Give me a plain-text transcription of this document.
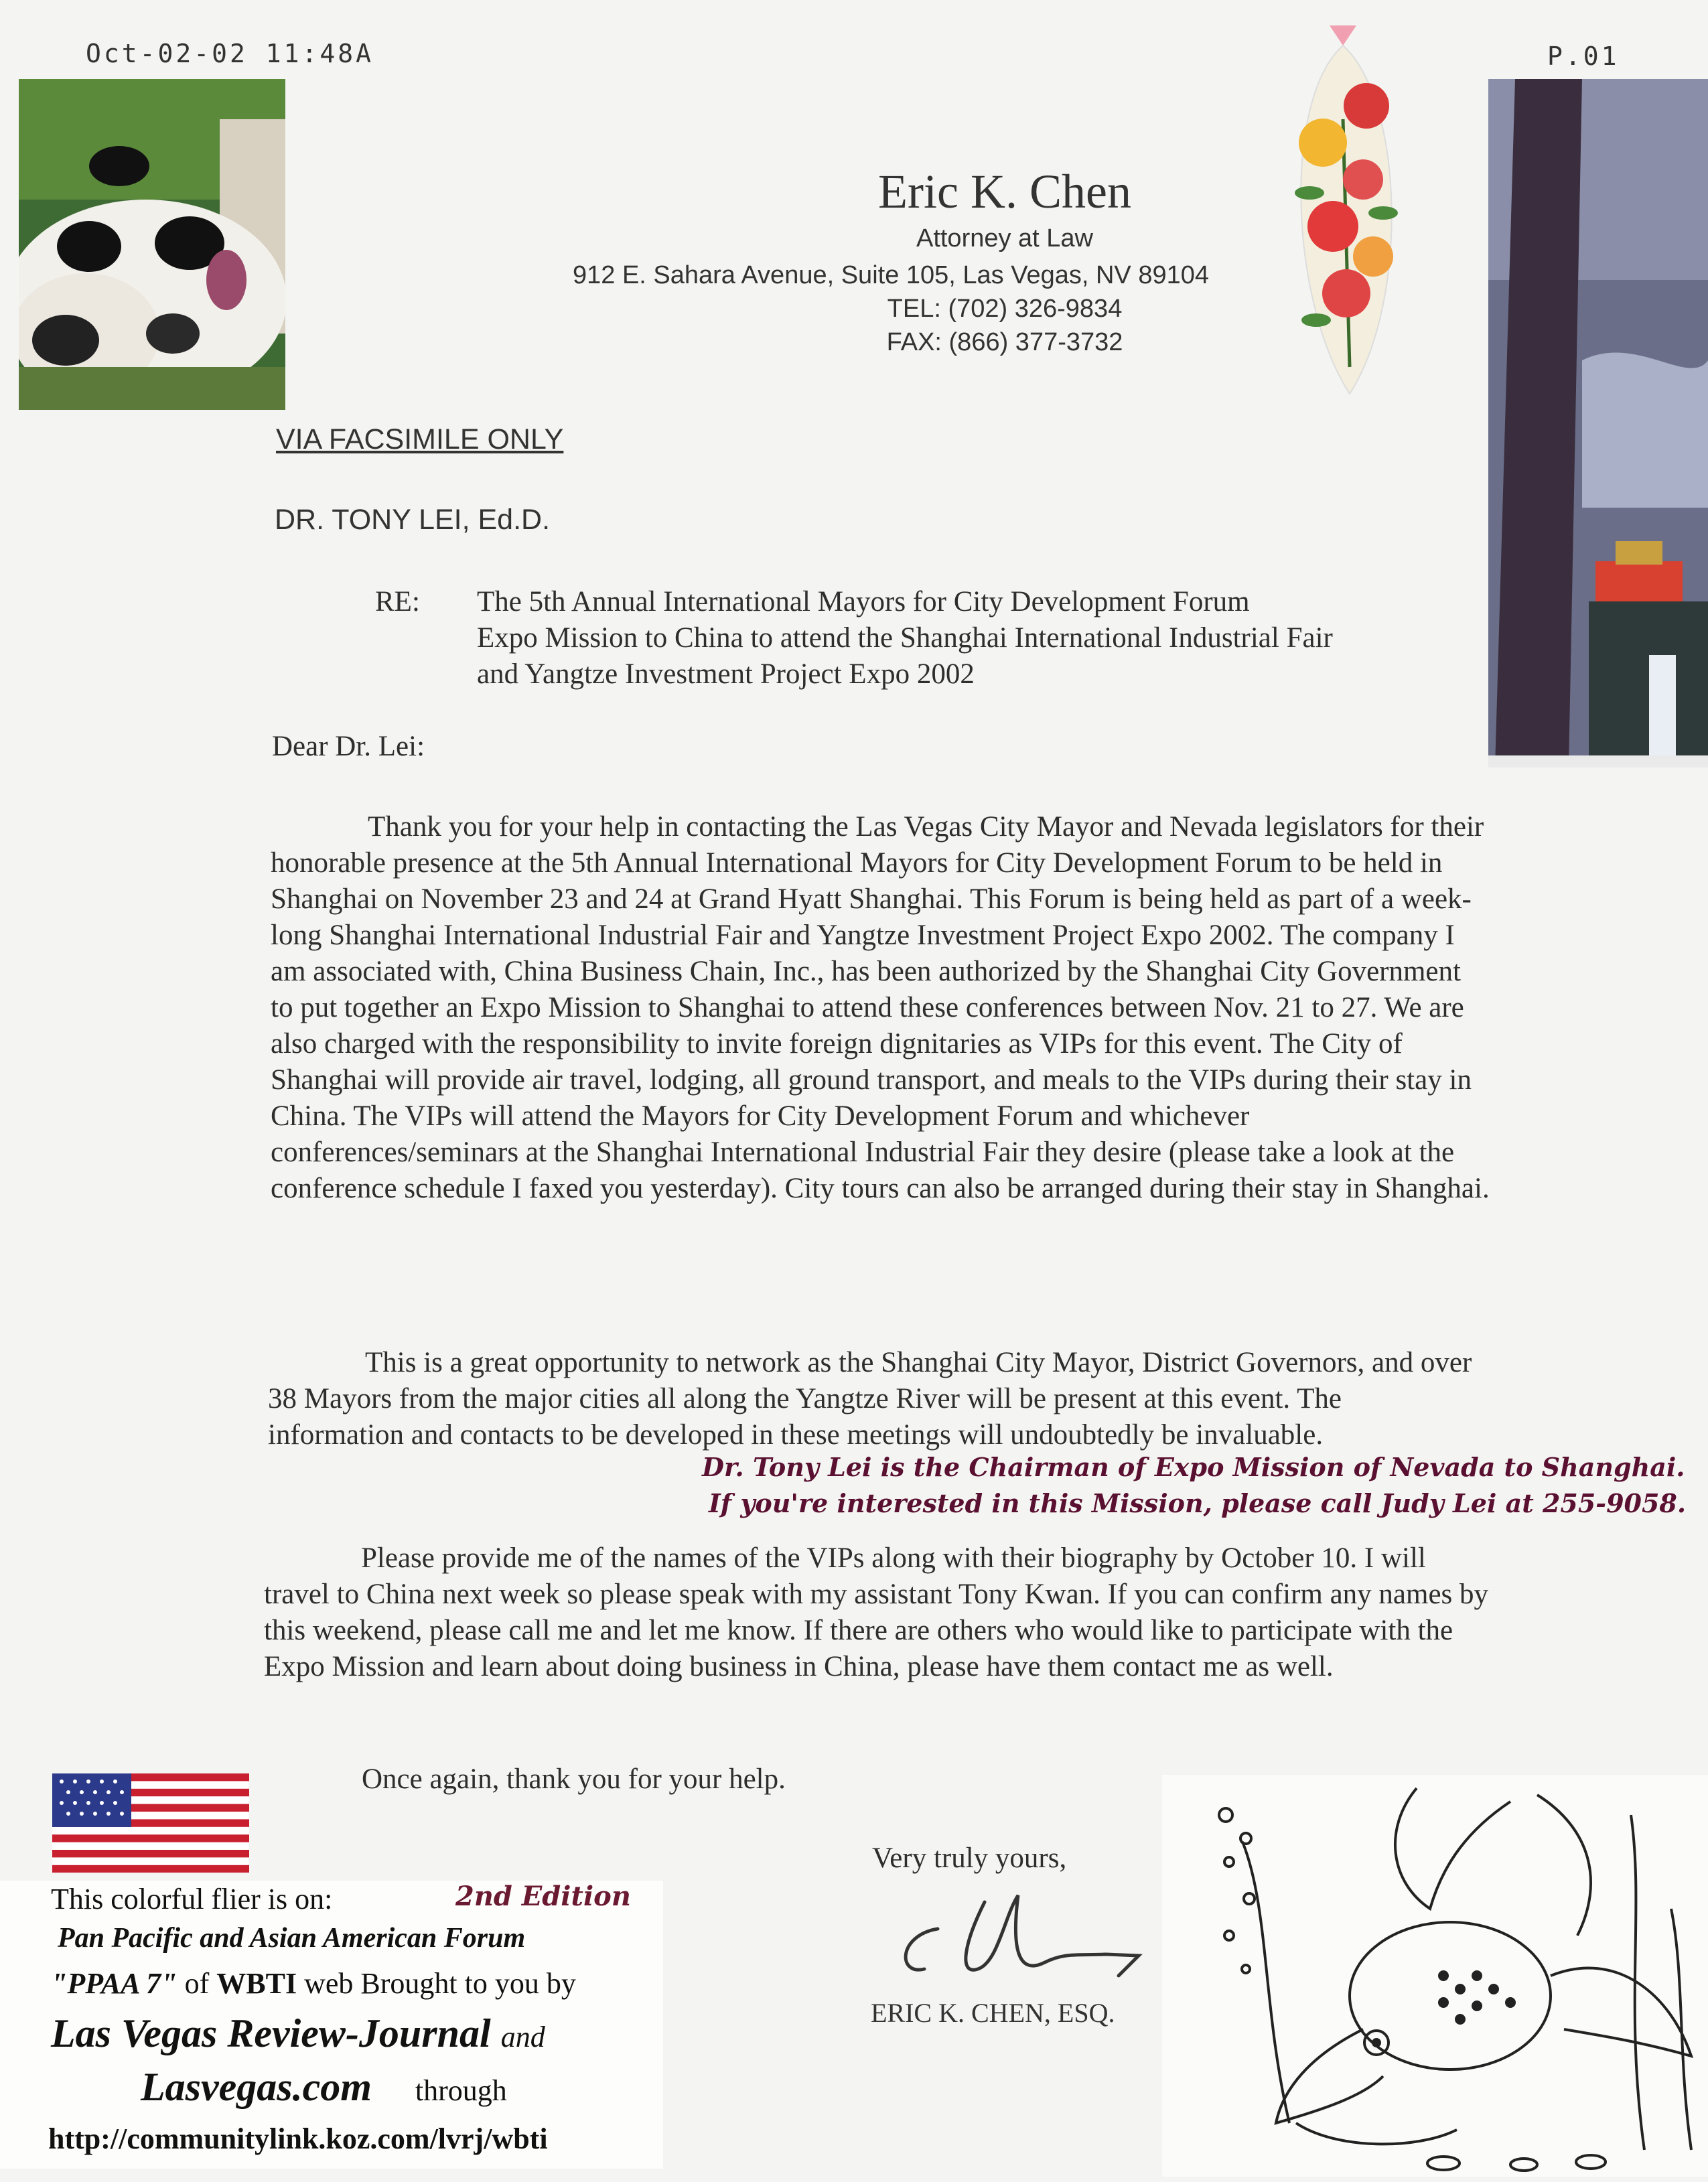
Oct-02-02 11:48A	P.01
Eric K. Chen
Attorney at Law
912 E. Sahara Avenue, Suite 105, Las Vegas, NV 89104
TEL: (702) 326-9834
FAX: (866) 377-3732
VIA FACSIMILE ONLY
DR. TONY LEI, Ed.D.
RE: The 5th Annual International Mayors for City Development Forum
Expo Mission to China to attend the Shanghai International Industrial Fair
and Yangtze Investment Project Expo 2002
Dear Dr. Lei:
Thank you for your help in contacting the Las Vegas City Mayor and Nevada legislators for their honorable presence at the 5th Annual International Mayors for City Development Forum to be held in Shanghai on November 23 and 24 at Grand Hyatt Shanghai. This Forum is being held as part of a week- long Shanghai International Industrial Fair and Yangtze Investment Project Expo 2002. The company I am associated with, China Business Chain, Inc., has been authorized by the Shanghai City Government to put together an Expo Mission to Shanghai to attend these conferences between Nov. 21 to 27. We are also charged with the responsibility to invite foreign dignitaries as VIPs for this event. The City of Shanghai will provide air travel, lodging, all ground transport, and meals to the VIPs during their stay in China. The VIPs will attend the Mayors for City Development Forum and whichever conferences/seminars at the Shanghai International Industrial Fair they desire (please take a look at the conference schedule I faxed you yesterday). City tours can also be arranged during their stay in Shanghai.
This is a great opportunity to network as the Shanghai City Mayor, District Governors, and over 38 Mayors from the major cities all along the Yangtze River will be present at this event. The information and contacts to be developed in these meetings will undoubtedly be invaluable.
Dr. Tony Lei is the Chairman of Expo Mission of Nevada to Shanghai.
If you're interested in this Mission, please call Judy Lei at 255-9058.
Please provide me of the names of the VIPs along with their biography by October 10. I will travel to China next week so please speak with my assistant Tony Kwan. If you can confirm any names by this weekend, please call me and let me know. If there are others who would like to participate with the Expo Mission and learn about doing business in China, please have them contact me as well.
Once again, thank you for your help.
Very truly yours,
ERIC K. CHEN, ESQ.
This colorful flier is on:	2nd Edition
Pan Pacific and Asian American Forum
"PPAA 7" of WBTI web Brought to you by
Las Vegas Review-Journal and
Lasvegas.com through
http://communitylink.koz.com/lvrj/wbti
